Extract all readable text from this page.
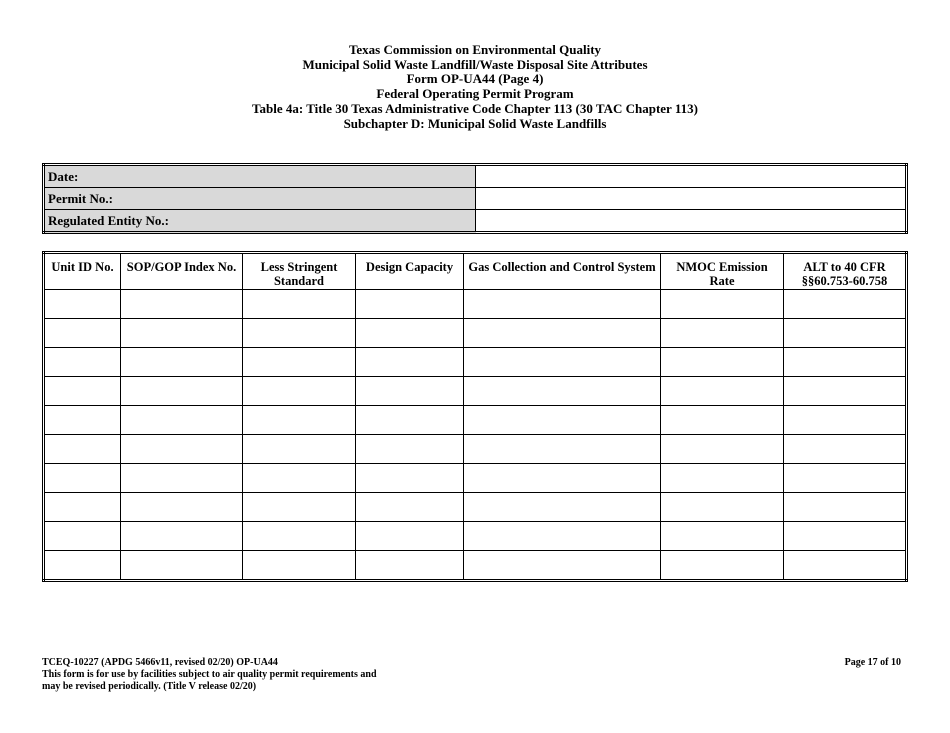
Texas Commission on Environmental Quality
Municipal Solid Waste Landfill/Waste Disposal Site Attributes
Form OP-UA44 (Page 4)
Federal Operating Permit Program
Table 4a: Title 30 Texas Administrative Code Chapter 113 (30 TAC Chapter 113)
Subchapter D: Municipal Solid Waste Landfills
Date:	
Permit No.:	
Regulated Entity No.:	
Unit ID No.	SOP/GOP Index No.	Less Stringent Standard	Design Capacity	Gas Collection and Control System	NMOC Emission Rate	ALT to 40 CFR §§60.753-60.758

TCEQ-10227 (APDG 5466v11, revised 02/20) OP-UA44
This form is for use by facilities subject to air quality permit requirements and
may be revised periodically. (Title V release 02/20)
Page 17 of 10
